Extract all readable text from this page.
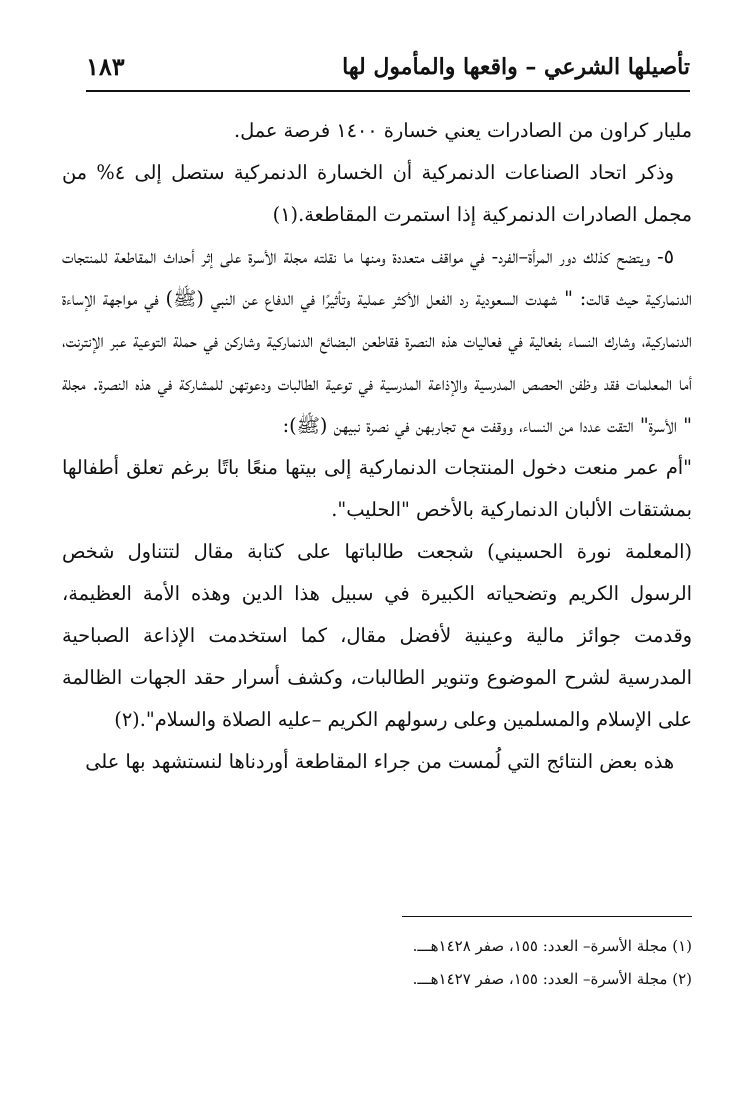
تأصيلها الشرعي – واقعها والمأمول لها
١٨٣

مليار كراون من الصادرات يعني خسارة ١٤٠٠ فرصة عمل.

وذكر اتحاد الصناعات الدنمركية أن الخسارة الدنمركية ستصل إلى ٤% من مجمل الصادرات الدنمركية إذا استمرت المقاطعة.(١)

٥- ويتضح كذلك دور المرأة–الفرد- في مواقف متعددة ومنها ما نقلته مجلة الأسرة على إثر أحداث المقاطعة للمنتجات الدنماركية حيث قالت: " شهدت السعودية رد الفعل الأكثر عملية وتأثيرًا في الدفاع عن النبي (ﷺ) في مواجهة الإساءة الدنماركية، وشارك النساء بفعالية في فعاليات هذه النصرة فقاطعن البضائع الدنماركية وشاركن في حملة التوعية عبر الإنترنت، أما المعلمات فقد وظفن الحصص المدرسية والإذاعة المدرسية في توعية الطالبات ودعوتهن للمشاركة في هذه النصرة. مجلة " الأسرة" التقت عددا من النساء، ووقفت مع تجاربهن في نصرة نبيهن (ﷺ):

"أم عمر منعت دخول المنتجات الدنماركية إلى بيتها منعًا باتًا برغم تعلق أطفالها بمشتقات الألبان الدنماركية بالأخص "الحليب".

(المعلمة نورة الحسيني) شجعت طالباتها على كتابة مقال لتتناول شخص الرسول الكريم وتضحياته الكبيرة في سبيل هذا الدين وهذه الأمة العظيمة، وقدمت جوائز مالية وعينية لأفضل مقال، كما استخدمت الإذاعة الصباحية المدرسية لشرح الموضوع وتنوير الطالبات، وكشف أسرار حقد الجهات الظالمة على الإسلام والمسلمين وعلى رسولهم الكريم –عليه الصلاة والسلام".(٢)

هذه بعض النتائج التي لُمست من جراء المقاطعة أوردناها لنستشهد بها على

(١) مجلة الأسرة– العدد: ١٥٥، صفر ١٤٢٨هـــ.

(٢) مجلة الأسرة– العدد: ١٥٥، صفر ١٤٢٧هـــ.
